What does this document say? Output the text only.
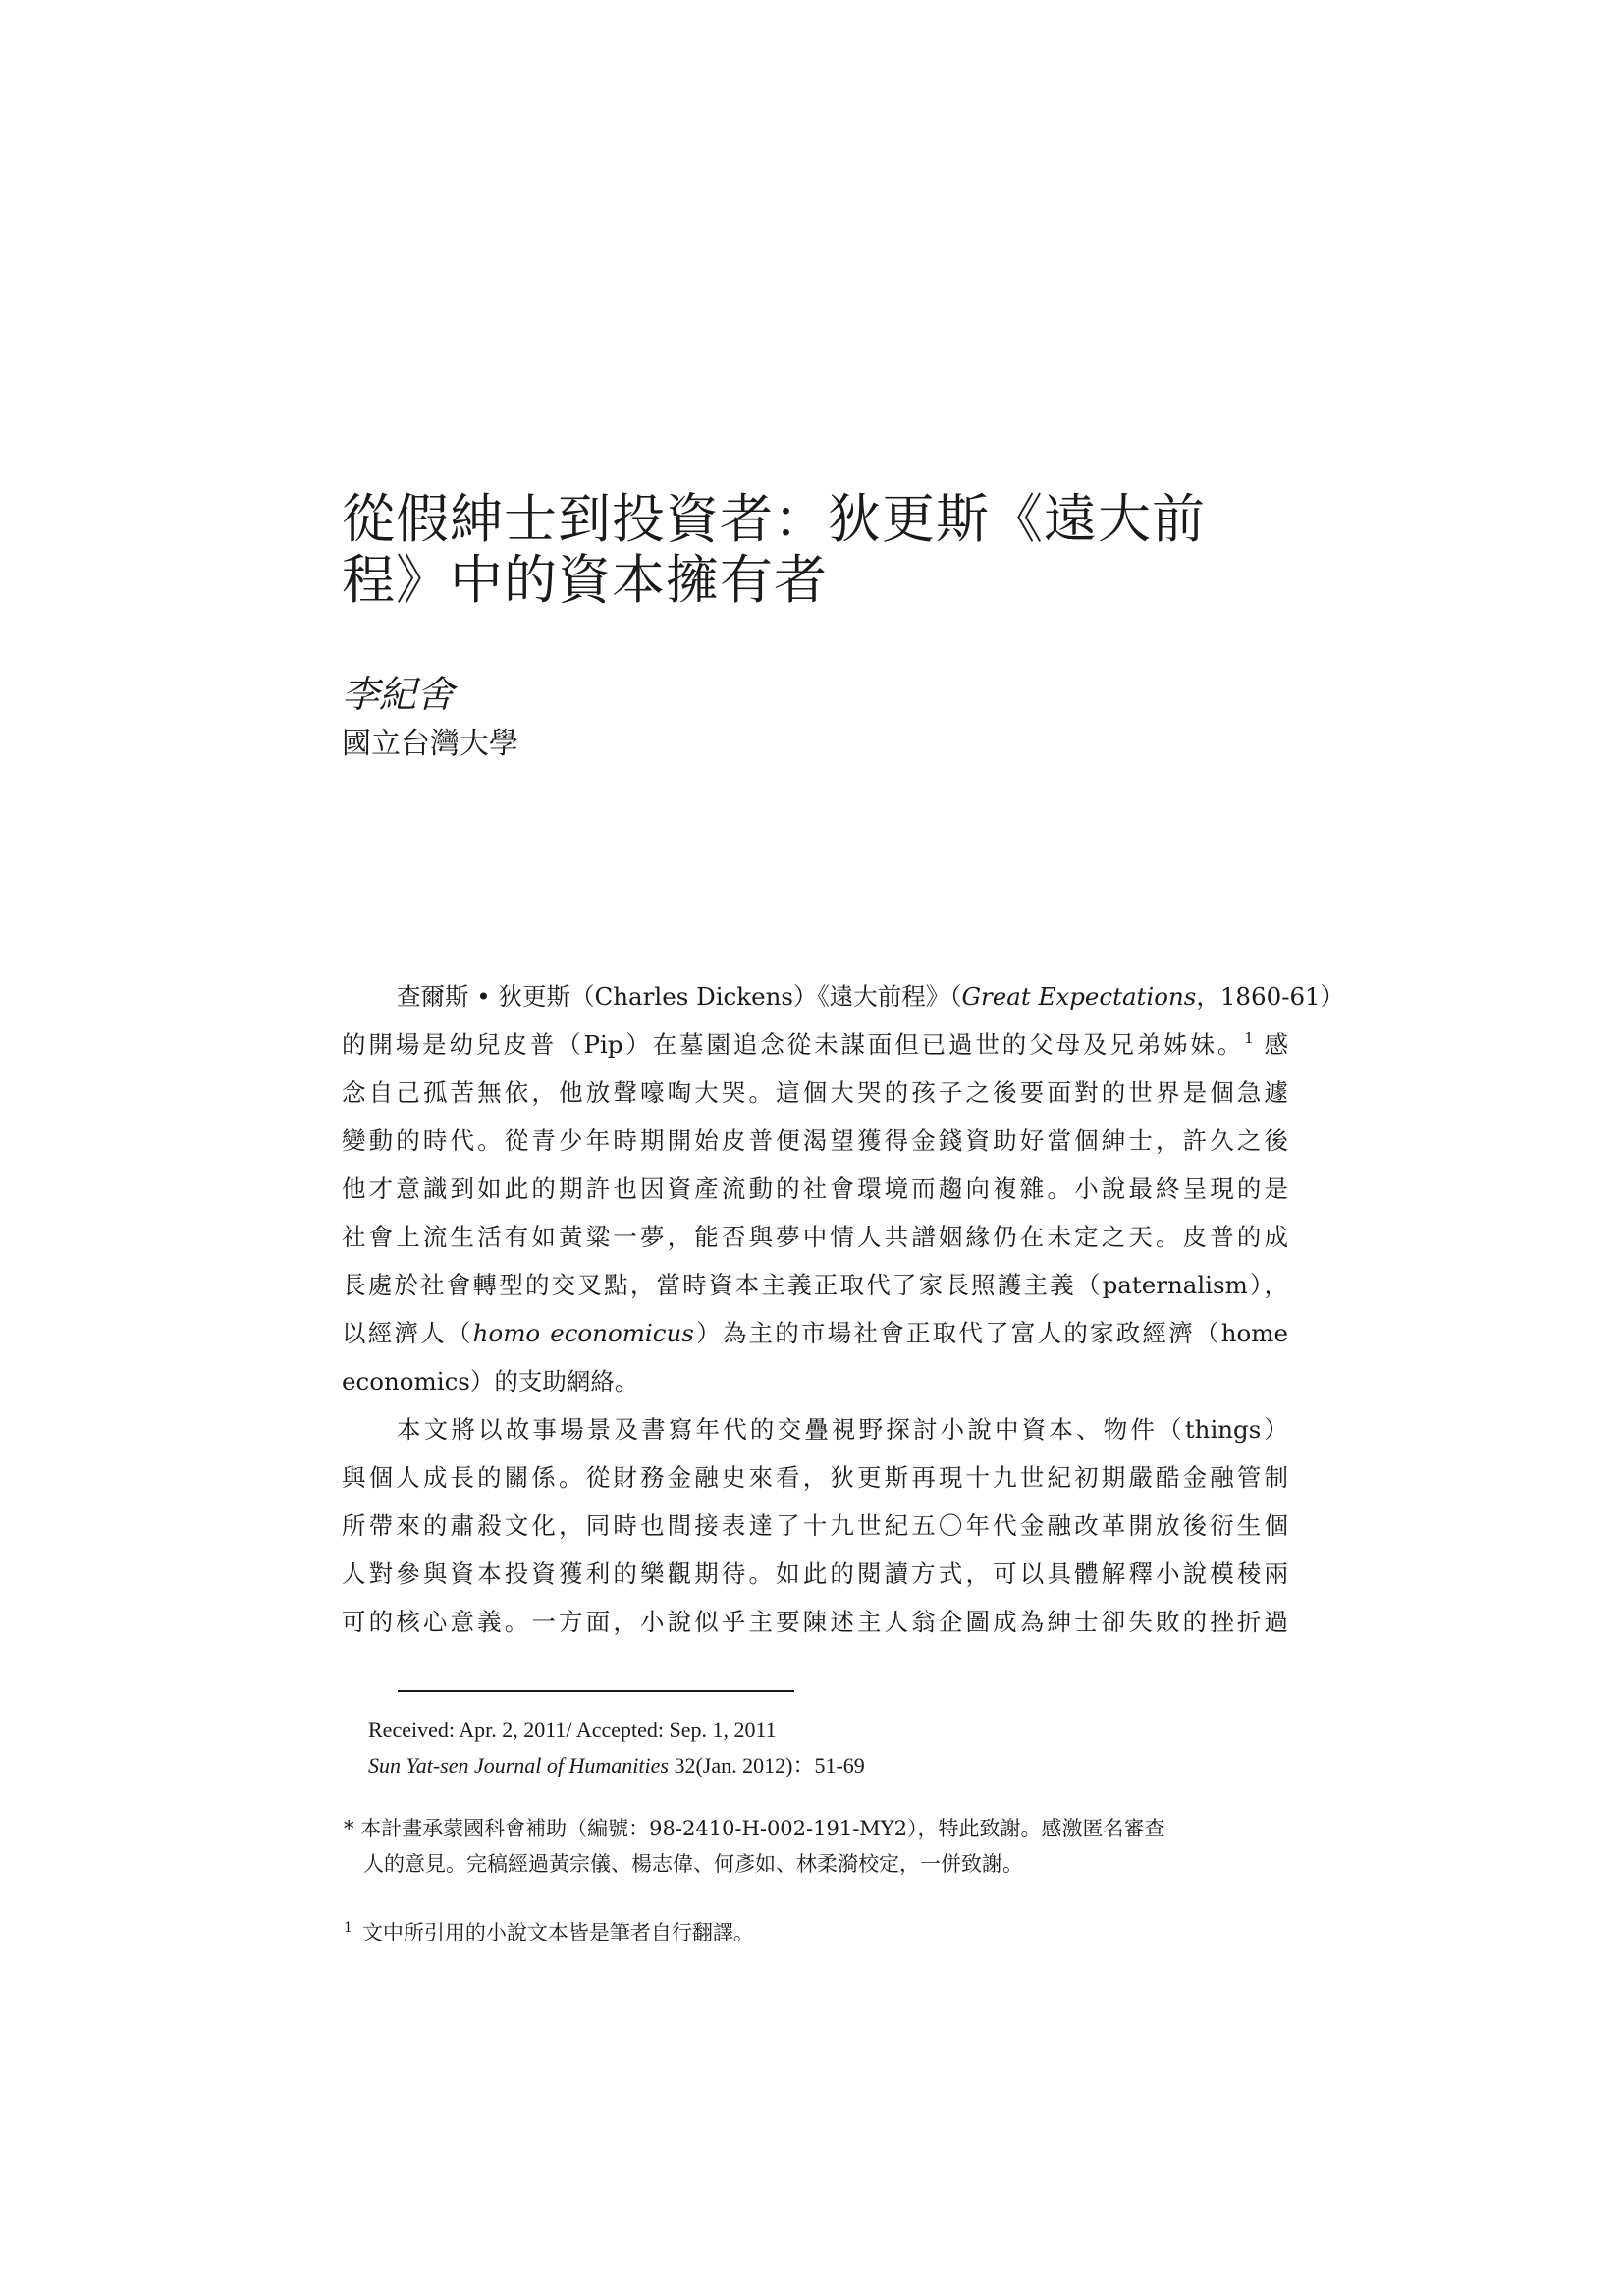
從假紳士到投資者：狄更斯《遠大前
程》中的資本擁有者
李紀舍
國立台灣大學
查爾斯 • 狄更斯（Charles Dickens）《遠大前程》（Great Expectations，1860-61）
的開場是幼兒皮普（Pip）在墓園追念從未謀面但已過世的父母及兄弟姊妹。$^1$ 感
念自己孤苦無依，他放聲嚎啕大哭。這個大哭的孩子之後要面對的世界是個急遽
變動的時代。從青少年時期開始皮普便渴望獲得金錢資助好當個紳士，許久之後
他才意識到如此的期許也因資產流動的社會環境而趨向複雜。小說最終呈現的是
社會上流生活有如黃粱一夢，能否與夢中情人共譜姻緣仍在未定之天。皮普的成
長處於社會轉型的交叉點，當時資本主義正取代了家長照護主義（paternalism），
以經濟人（homo economicus）為主的市場社會正取代了富人的家政經濟（home
economics）的支助網絡。
本文將以故事場景及書寫年代的交疊視野探討小說中資本、物件（things）
與個人成長的關係。從財務金融史來看，狄更斯再現十九世紀初期嚴酷金融管制
所帶來的肅殺文化，同時也間接表達了十九世紀五〇年代金融改革開放後衍生個
人對參與資本投資獲利的樂觀期待。如此的閱讀方式，可以具體解釋小說模稜兩
可的核心意義。一方面，小說似乎主要陳述主人翁企圖成為紳士卻失敗的挫折過
Received: Apr. 2, 2011/ Accepted: Sep. 1, 2011
Sun Yat-sen Journal of Humanities 32(Jan. 2012)：51-69
* 本計畫承蒙國科會補助（編號：98-2410-H-002-191-MY2），特此致謝。感激匿名審查
人的意見。完稿經過黃宗儀、楊志偉、何彥如、林柔漪校定，一併致謝。
$^1$ 文中所引用的小說文本皆是筆者自行翻譯。
